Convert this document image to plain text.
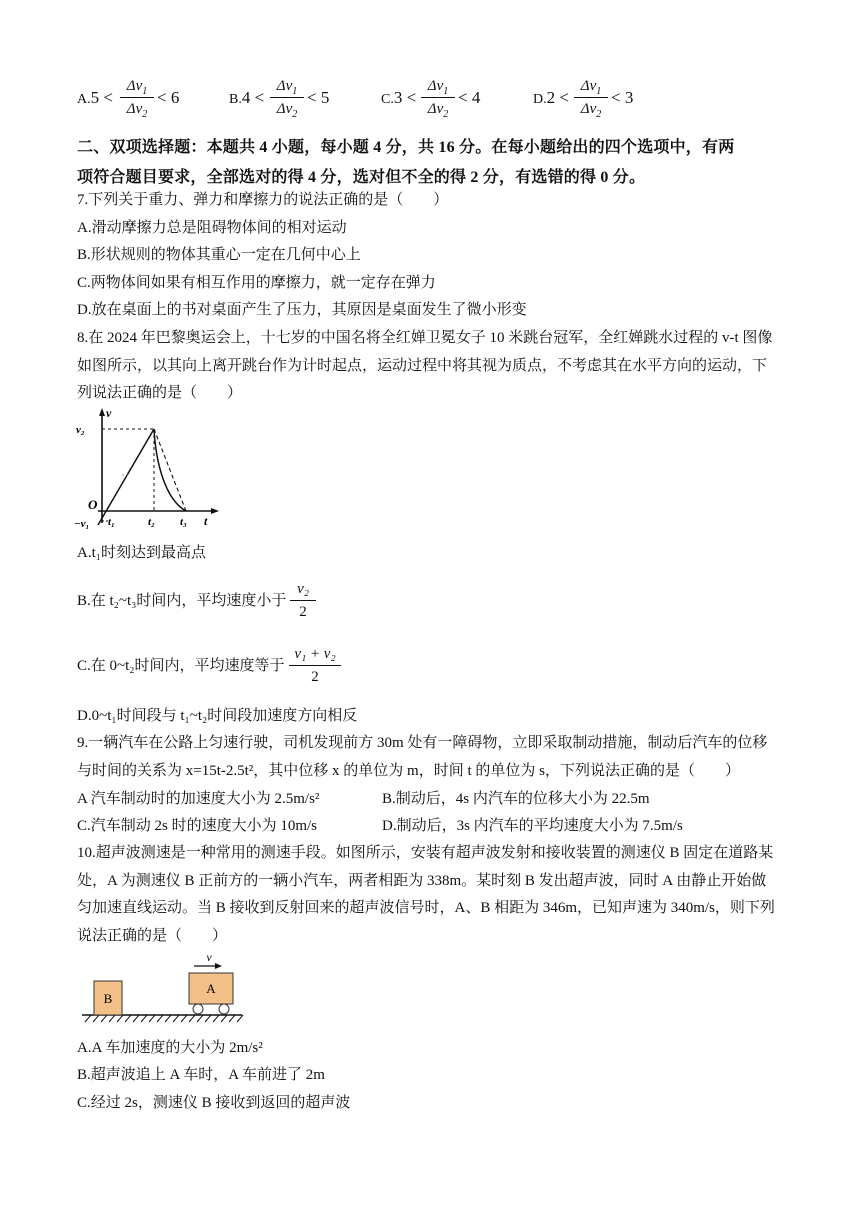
A.5 <
$\Delta v_1$
$\Delta v_2$
< 6	B.4 <
$\Delta v_1$
$\Delta v_2$
< 5	C.3 <
$\Delta v_1$
$\Delta v_2$
< 4	D.2 <
$\Delta v_1$
$\Delta v_2$
< 3
二、双项选择题：本题共 4 小题，每小题 4 分，共 16 分。在每小题给出的四个选项中，有两
项符合题目要求，全部选对的得 4 分，选对但不全的得 2 分，有选错的得 0 分。
7.下列关于重力、弹力和摩擦力的说法正确的是（　　）
A.滑动摩擦力总是阻碍物体间的相对运动
B.形状规则的物体其重心一定在几何中心上
C.两物体间如果有相互作用的摩擦力，就一定存在弹力
D.放在桌面上的书对桌面产生了压力，其原因是桌面发生了微小形变
8.在 2024 年巴黎奥运会上，十七岁的中国名将全红婵卫冕女子 10 米跳台冠军，全红婵跳水过程的 v-t 图像
如图所示，以其向上离开跳台作为计时起点，运动过程中将其视为质点，不考虑其在水平方向的运动，下
列说法正确的是（　　）
v
v₂
O
−v₁ t₁	t₂ t₃ t
A.t₁时刻达到最高点
B.在 t₂~t₃时间内，平均速度小于
v₂
2
C.在 0~t₂时间内，平均速度等于
v₁ + v₂
2
D.0~t₁时间段与 t₁~t₂时间段加速度方向相反
9.一辆汽车在公路上匀速行驶，司机发现前方 30m 处有一障碍物，立即采取制动措施，制动后汽车的位移
与时间的关系为 x=15t-2.5t²，其中位移 x 的单位为 m，时间 t 的单位为 s，下列说法正确的是（　　）
A 汽车制动时的加速度大小为 2.5m/s²	B.制动后，4s 内汽车的位移大小为 22.5m
C.汽车制动 2s 时的速度大小为 10m/s	D.制动后，3s 内汽车的平均速度大小为 7.5m/s
10.超声波测速是一种常用的测速手段。如图所示，安装有超声波发射和接收装置的测速仪 B 固定在道路某
处，A 为测速仪 B 正前方的一辆小汽车，两者相距为 338m。某时刻 B 发出超声波，同时 A 由静止开始做
匀加速直线运动。当 B 接收到反射回来的超声波信号时，A、B 相距为 346m，已知声速为 340m/s，则下列
说法正确的是（　　）
B
A
v
A.A 车加速度的大小为 2m/s²
B.超声波追上 A 车时，A 车前进了 2m
C.经过 2s，测速仪 B 接收到返回的超声波
